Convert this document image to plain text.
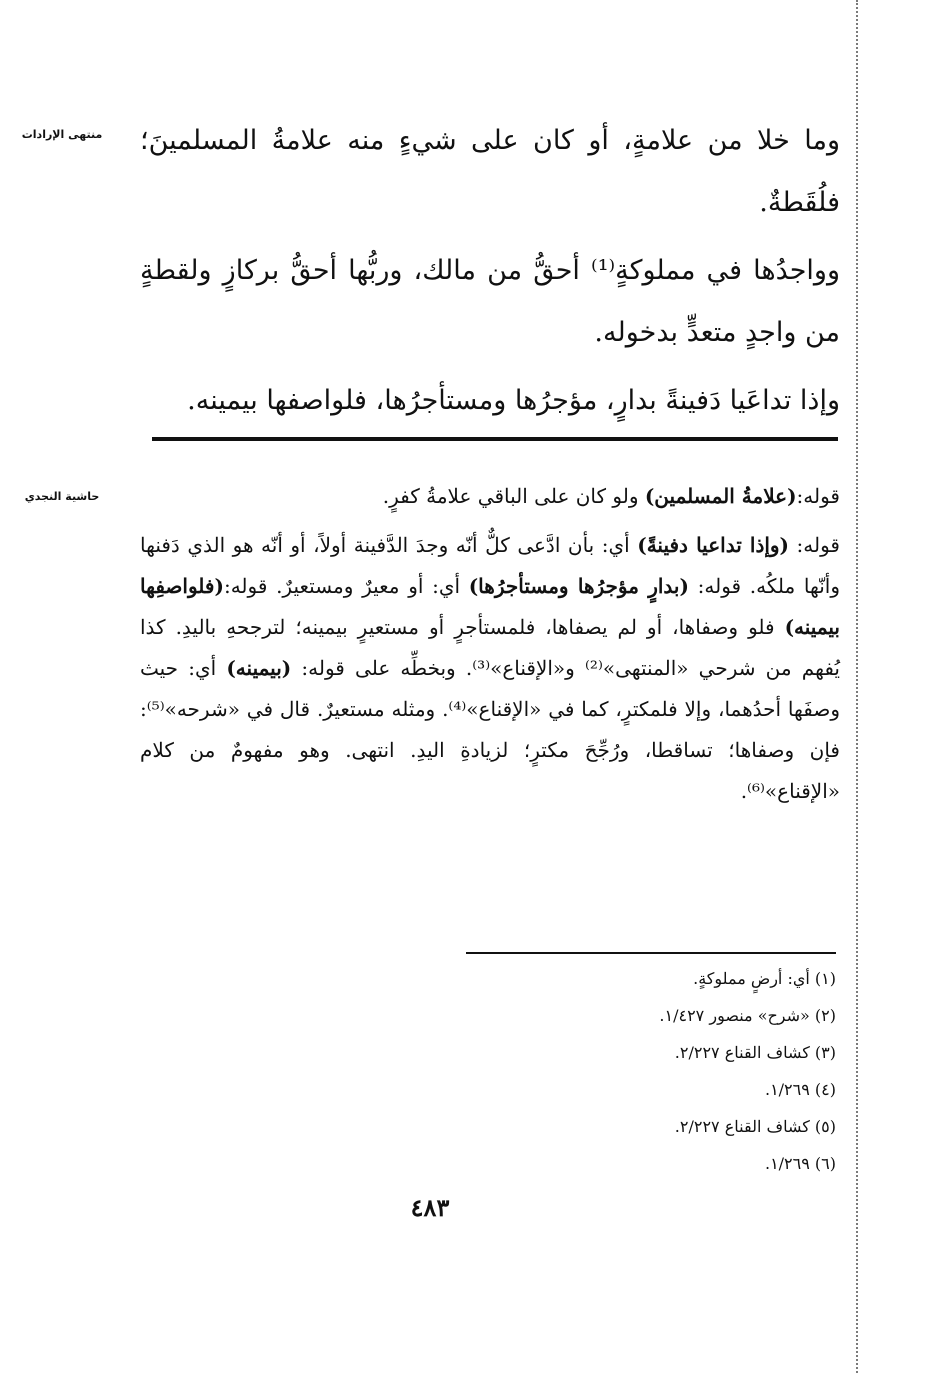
منتهى الإرادات وما خلا من علامةٍ، أو كان على شيءٍ منه علامةُ المسلمينَ؛ فلُقَطةٌ.

وواجدُها في مملوكةٍ⁽¹⁾ أحقُّ من مالك، وربُّها أحقُّ بركازٍ ولقطةٍ من واجدٍ متعدٍّ بدخوله.

وإذا تداعَيا دَفينةً بدارٍ، مؤجرُها ومستأجرُها، فلواصفها بيمينه.

حاشية النجدي	قوله:(علامةُ المسلمين) ولو كان على الباقي علامةُ كفرٍ.

قوله: (وإذا تداعيا دفينةً) أي: بأن ادَّعى كلٌّ أنّه وجدَ الدَّفينة أولاً، أو أنّه هو الذي دَفنها وأنّها ملكُه. قوله: (بدارٍ مؤجرُها ومستأجرُها) أي: أو معيرٌ ومستعيرٌ. قوله:(فلواصفِها بيمينه) فلو وصفاها، أو لم يصفاها، فلمستأجرٍ أو مستعيرٍ بيمينه؛ لترجحهِ باليدِ. كذا يُفهم من شرحي «المنتهى»⁽²⁾ و«الإقناع»⁽³⁾. وبخطِّه على قوله: (بيمينه) أي: حيث وصفَها أحدُهما، وإلا فلمكترٍ، كما في «الإقناع»⁽⁴⁾. ومثله مستعيرٌ. قال في «شرحه»⁽⁵⁾: فإن وصفاها؛ تساقطا، ورُجِّحَ مكترٍ؛ لزيادةِ اليدِ. انتهى. وهو مفهومٌ من كلام «الإقناع»⁽⁶⁾.

(١) أي: أرضٍ مملوكةٍ.
(٢) «شرح» منصور ١/٤٢٧.
(٣) كشاف القناع ٢/٢٢٧.
(٤) ١/٢٦٩.
(٥) كشاف القناع ٢/٢٢٧.
(٦) ١/٢٦٩.
٤٨٣
